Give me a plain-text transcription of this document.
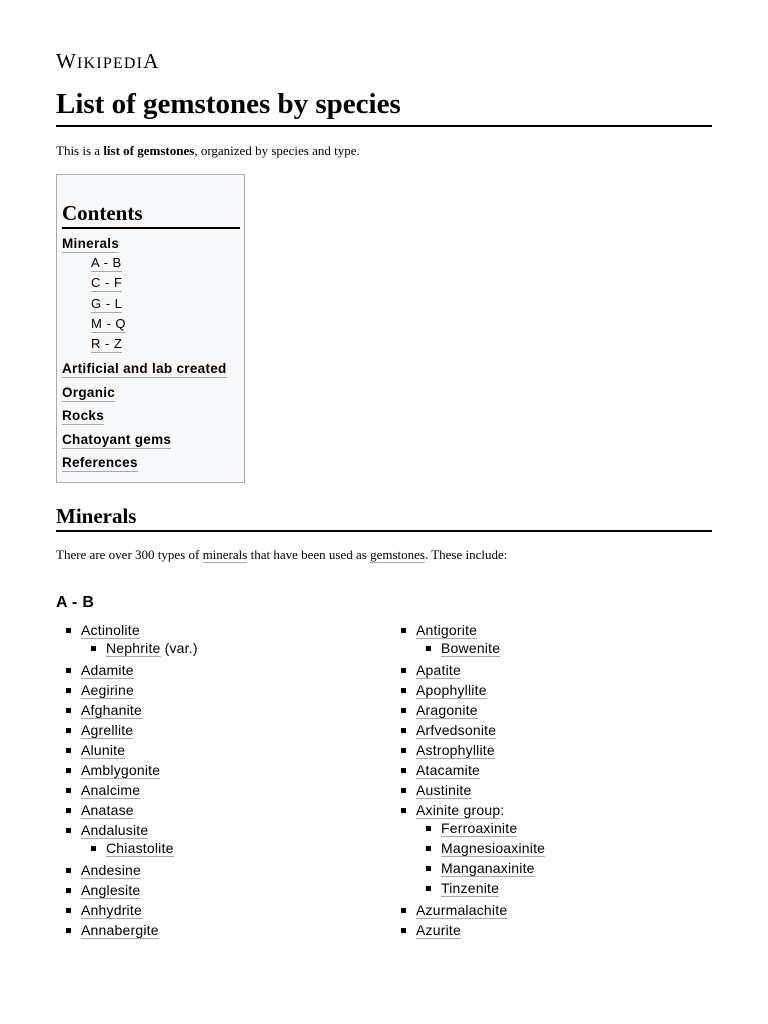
WIKIPEDIA
List of gemstones by species

This is a list of gemstones, organized by species and type.

Contents
Minerals
A - B
C - F
G - L
M - Q
R - Z
Artificial and lab created
Organic
Rocks
Chatoyant gems
References
Minerals

There are over 300 types of minerals that have been used as gemstones. These include:

A - B
Actinolite
Nephrite (var.)
Adamite
Aegirine
Afghanite
Agrellite
Alunite
Amblygonite
Analcime
Anatase
Andalusite
Chiastolite
Andesine
Anglesite
Anhydrite
Annabergite
Antigorite
Bowenite
Apatite
Apophyllite
Aragonite
Arfvedsonite
Astrophyllite
Atacamite
Austinite
Axinite group:
Ferroaxinite
Magnesioaxinite
Manganaxinite
Tinzenite
Azurmalachite
Azurite
